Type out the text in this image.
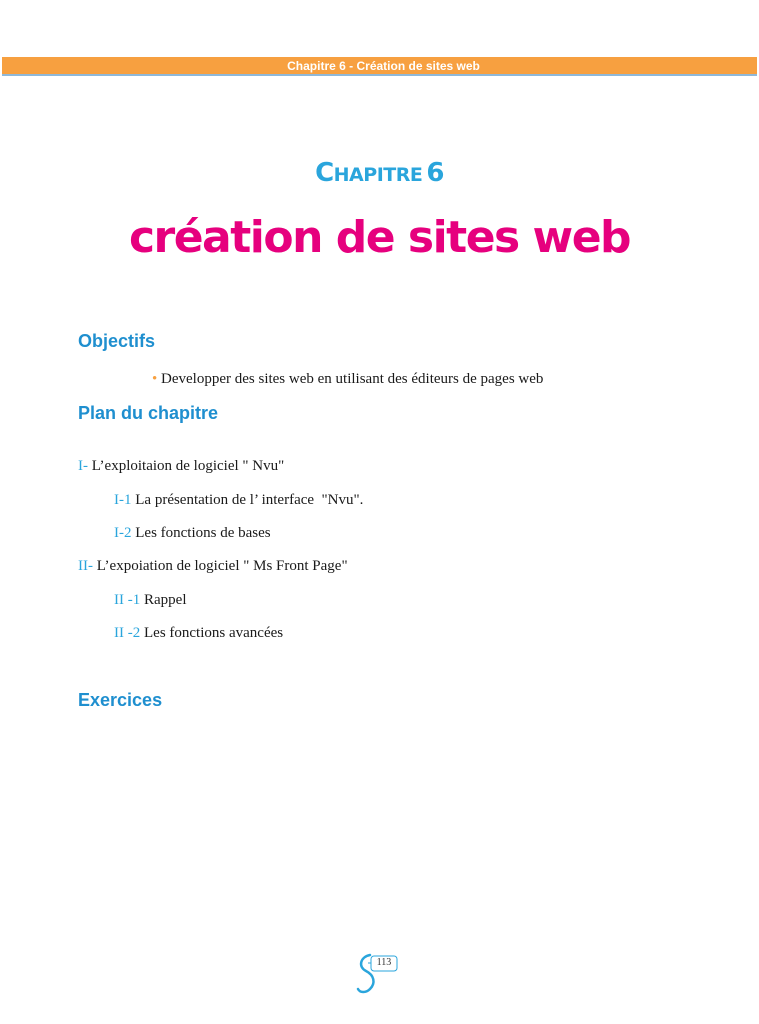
Chapitre 6 - Création de sites web
CHAPITRE 6
création de sites web
Objectifs
• Developper des sites web en utilisant des éditeurs de pages web
Plan du chapitre
I- L’exploitaion de logiciel " Nvu"
I-1 La présentation de l’ interface  "Nvu".
I-2 Les fonctions de bases
II- L’expoiation de logiciel " Ms Front Page"
II -1 Rappel
II -2 Les fonctions avancées
Exercices
113
